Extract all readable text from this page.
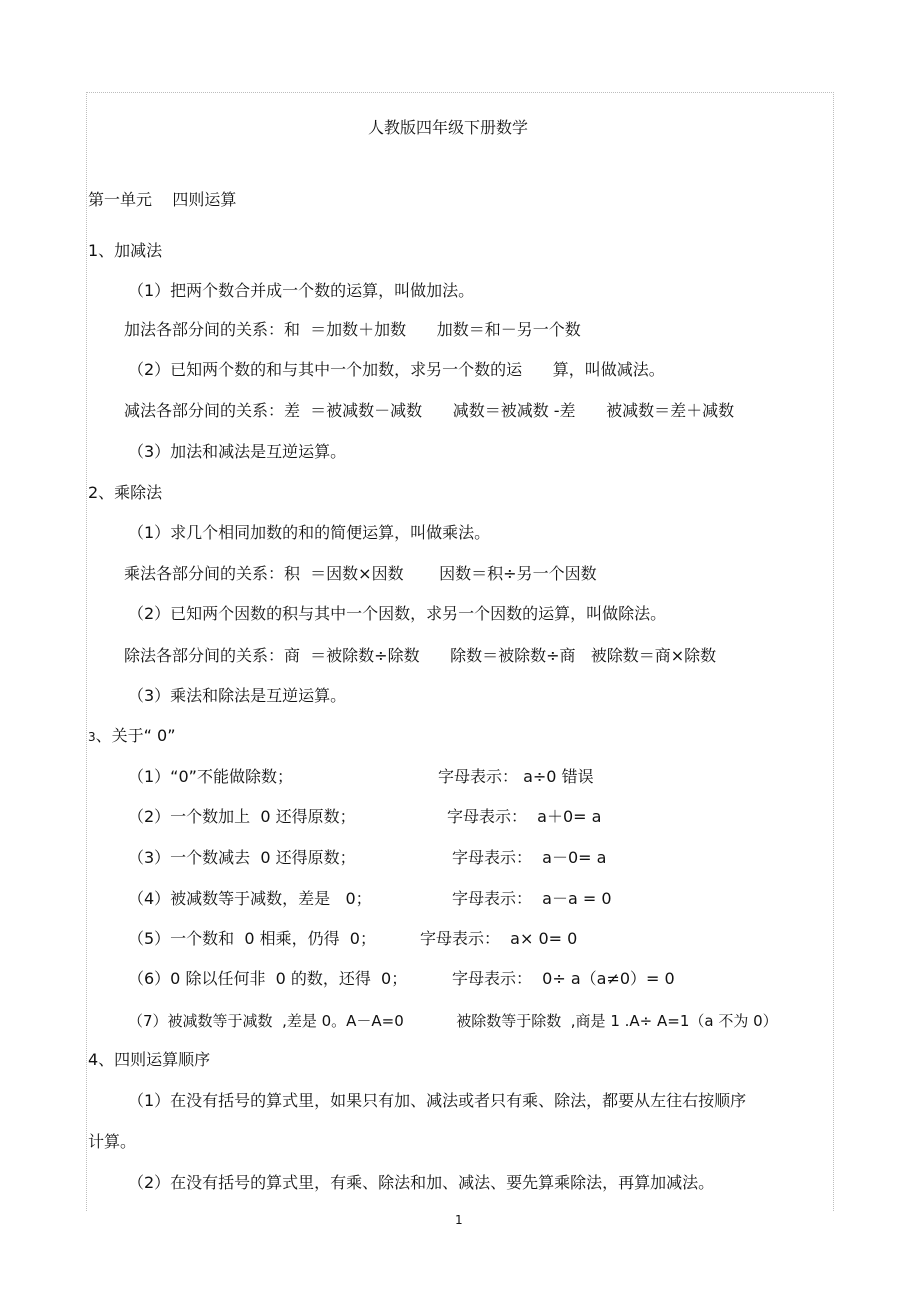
人教版四年级下册数学
第一单元    四则运算
1、加减法
（1）把两个数合并成一个数的运算，叫做加法。
加法各部分间的关系：和  ＝加数＋加数      加数＝和－另一个数
（2）已知两个数的和与其中一个加数，求另一个数的运      算，叫做减法。
减法各部分间的关系：差  ＝被减数－减数      减数＝被减数 -差      被减数＝差＋减数
（3）加法和减法是互逆运算。
2、乘除法
（1）求几个相同加数的和的简便运算，叫做乘法。
乘法各部分间的关系：积  ＝因数×因数       因数＝积÷另一个因数
（2）已知两个因数的积与其中一个因数，求另一个因数的运算，叫做除法。
除法各部分间的关系：商  ＝被除数÷除数      除数＝被除数÷商   被除数＝商×除数
（3）乘法和除法是互逆运算。
3、关于“ 0”
（1）“0”不能做除数；	字母表示： a÷0 错误
（2）一个数加上  0 还得原数；	字母表示：  a＋0= a
（3）一个数减去  0 还得原数；	字母表示：  a－0= a
（4）被减数等于减数，差是   0；	字母表示：  a－a = 0
（5）一个数和  0 相乘，仍得  0；	字母表示：  a× 0= 0
（6）0 除以任何非  0 的数，还得  0；	字母表示：  0÷ a（a≠0）= 0
（7）被减数等于减数  ,差是 0。A－A=0           被除数等于除数  ,商是 1 .A÷ A=1（a 不为 0）
4、四则运算顺序
（1）在没有括号的算式里，如果只有加、减法或者只有乘、除法，都要从左往右按顺序
计算。
（2）在没有括号的算式里，有乘、除法和加、减法、要先算乘除法，再算加减法。
1
